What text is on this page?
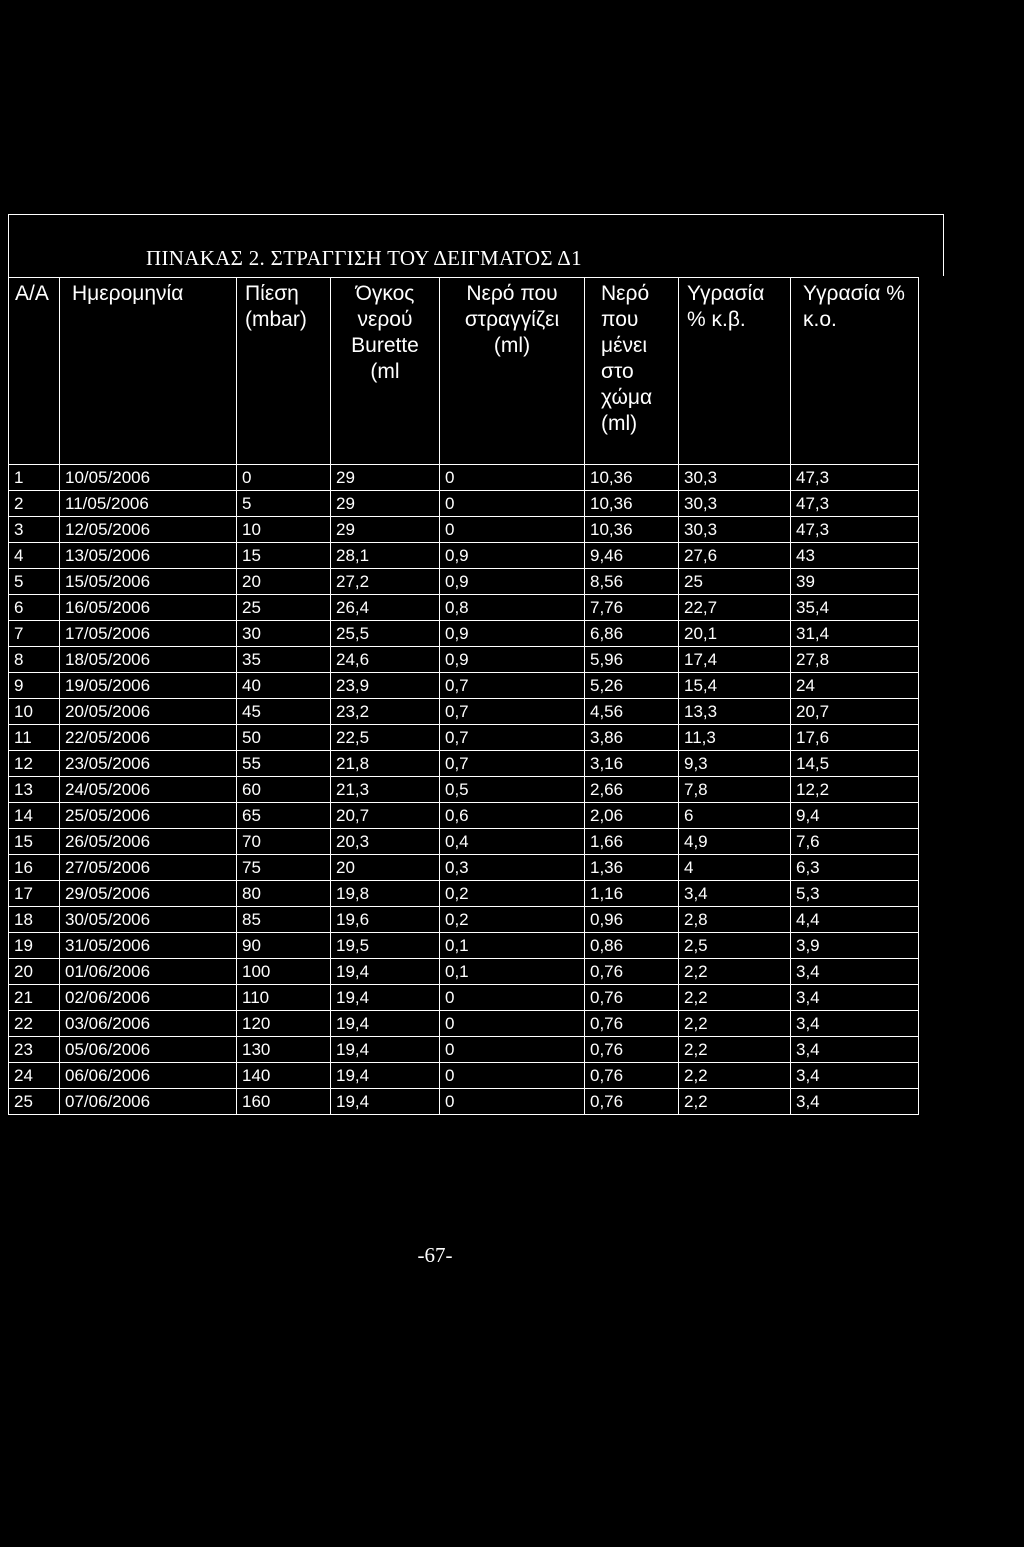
ΠΙΝΑΚΑΣ 2. ΣΤΡΑΓΓΙΣΗ ΤΟΥ ΔΕΙΓΜΑΤΟΣ Δ1
Α/Α	Ημερομηνία	Πίεση (mbar)	Όγκος νερού Burette (ml	Νερό που στραγγίζει (ml)	Νερό που μένει στο χώμα (ml)	Υγρασία % κ.β.	Υγρασία % κ.ο.
1	10/05/2006	0	29	0	10,36	30,3	47,3
2	11/05/2006	5	29	0	10,36	30,3	47,3
3	12/05/2006	10	29	0	10,36	30,3	47,3
4	13/05/2006	15	28,1	0,9	9,46	27,6	43
5	15/05/2006	20	27,2	0,9	8,56	25	39
6	16/05/2006	25	26,4	0,8	7,76	22,7	35,4
7	17/05/2006	30	25,5	0,9	6,86	20,1	31,4
8	18/05/2006	35	24,6	0,9	5,96	17,4	27,8
9	19/05/2006	40	23,9	0,7	5,26	15,4	24
10	20/05/2006	45	23,2	0,7	4,56	13,3	20,7
11	22/05/2006	50	22,5	0,7	3,86	11,3	17,6
12	23/05/2006	55	21,8	0,7	3,16	9,3	14,5
13	24/05/2006	60	21,3	0,5	2,66	7,8	12,2
14	25/05/2006	65	20,7	0,6	2,06	6	9,4
15	26/05/2006	70	20,3	0,4	1,66	4,9	7,6
16	27/05/2006	75	20	0,3	1,36	4	6,3
17	29/05/2006	80	19,8	0,2	1,16	3,4	5,3
18	30/05/2006	85	19,6	0,2	0,96	2,8	4,4
19	31/05/2006	90	19,5	0,1	0,86	2,5	3,9
20	01/06/2006	100	19,4	0,1	0,76	2,2	3,4
21	02/06/2006	110	19,4	0	0,76	2,2	3,4
22	03/06/2006	120	19,4	0	0,76	2,2	3,4
23	05/06/2006	130	19,4	0	0,76	2,2	3,4
24	06/06/2006	140	19,4	0	0,76	2,2	3,4
25	07/06/2006	160	19,4	0	0,76	2,2	3,4
-67-
